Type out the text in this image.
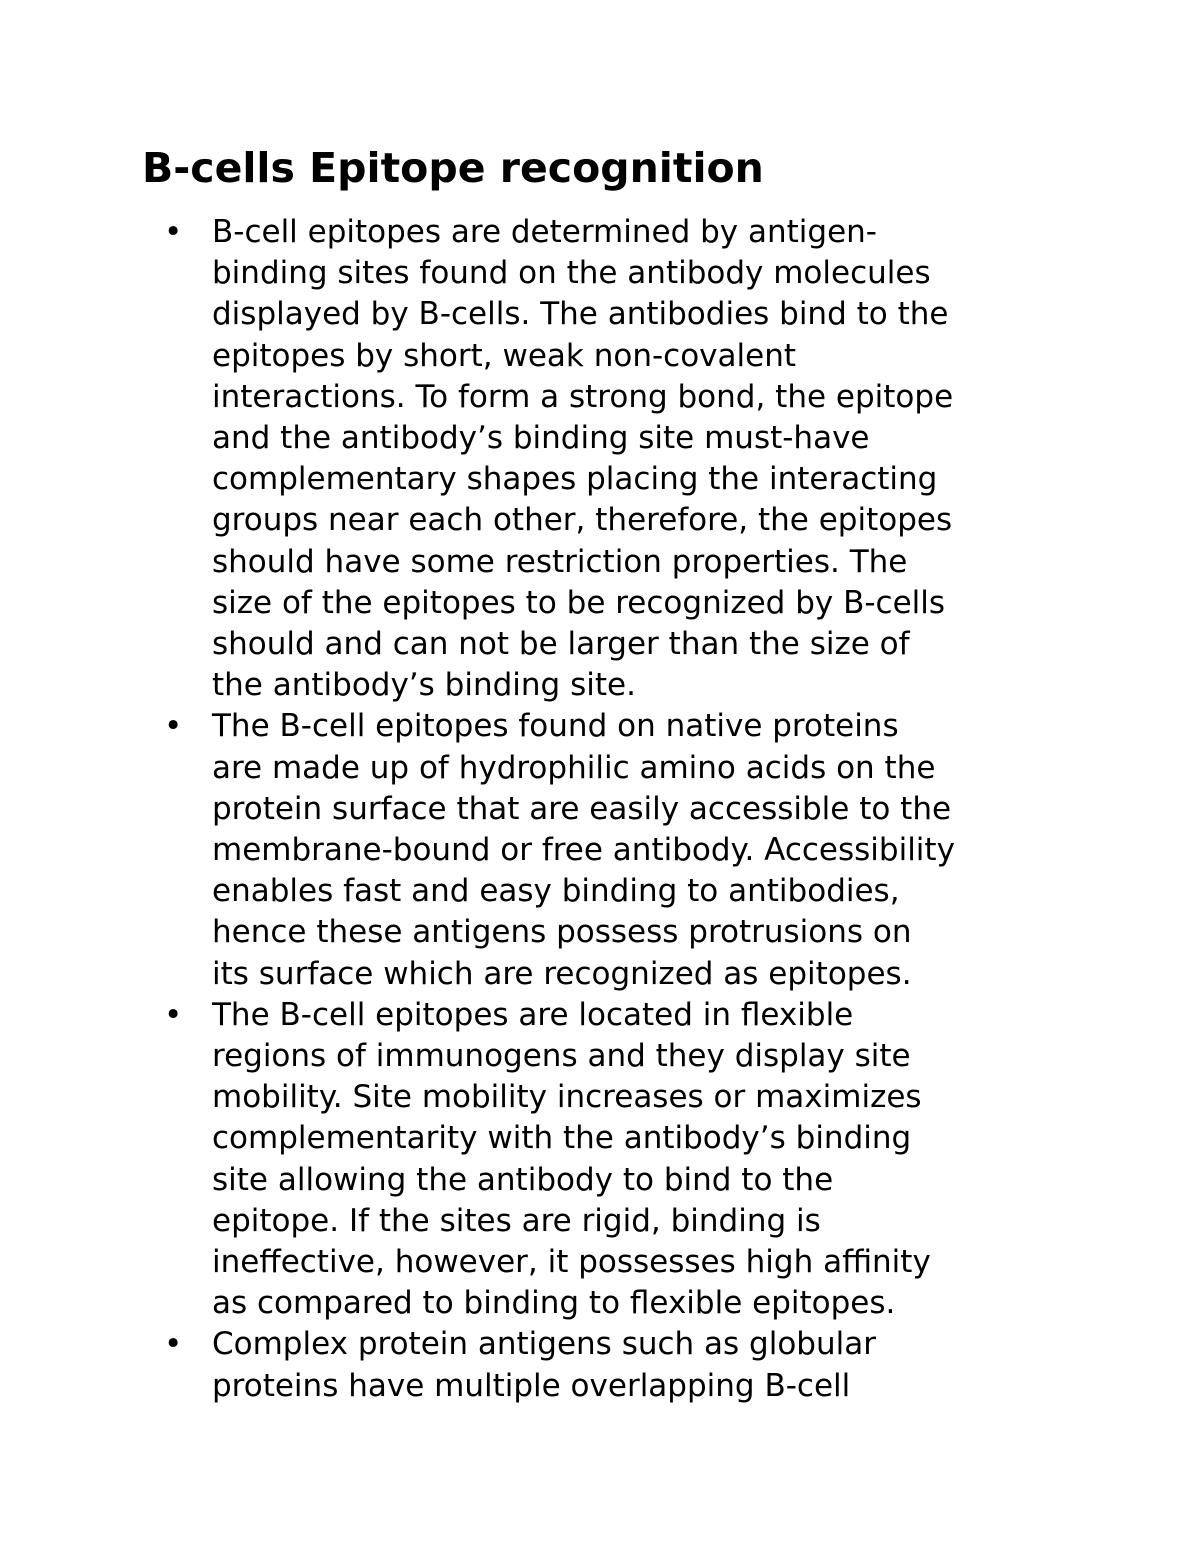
B-cells Epitope recognition
• B-cell epitopes are determined by antigen-
binding sites found on the antibody molecules
displayed by B-cells. The antibodies bind to the
epitopes by short, weak non-covalent
interactions. To form a strong bond, the epitope
and the antibody’s binding site must-have
complementary shapes placing the interacting
groups near each other, therefore, the epitopes
should have some restriction properties. The
size of the epitopes to be recognized by B-cells
should and can not be larger than the size of
the antibody’s binding site.
• The B-cell epitopes found on native proteins
are made up of hydrophilic amino acids on the
protein surface that are easily accessible to the
membrane-bound or free antibody. Accessibility
enables fast and easy binding to antibodies,
hence these antigens possess protrusions on
its surface which are recognized as epitopes.
• The B-cell epitopes are located in flexible
regions of immunogens and they display site
mobility. Site mobility increases or maximizes
complementarity with the antibody’s binding
site allowing the antibody to bind to the
epitope. If the sites are rigid, binding is
ineffective, however, it possesses high affinity
as compared to binding to flexible epitopes.
• Complex protein antigens such as globular
proteins have multiple overlapping B-cell
